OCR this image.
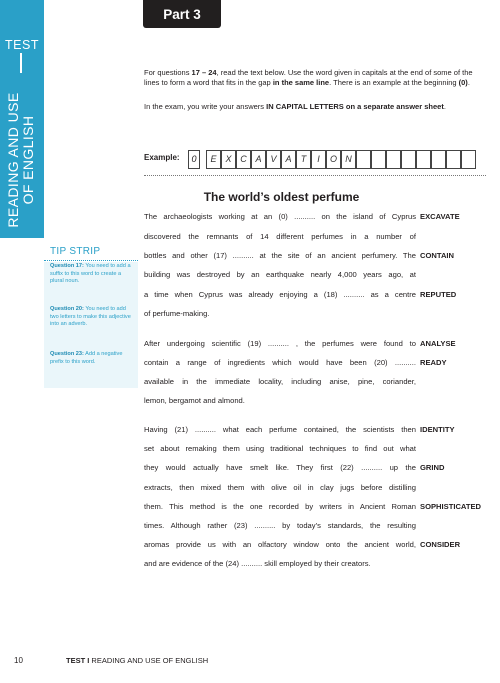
TEST
READING AND USE OF ENGLISH
Part 3
For questions 17 – 24, read the text below. Use the word given in capitals at the end of some of the lines to form a word that fits in the gap in the same line. There is an example at the beginning (0).
In the exam, you write your answers IN CAPITAL LETTERS on a separate answer sheet.
Example:	0	E X C A V A	T	I	O N
The world’s oldest perfume
The archaeologists working at an (0) .......... on the island of Cyprus
discovered the remnants of 14 different perfumes in a number of
bottles and other (17) .......... at the site of an ancient perfumery. The
building was destroyed by an earthquake nearly 4,000 years ago, at
a time when Cyprus was already enjoying a (18) .......... as a centre
of perfume-making.
After undergoing scientific (19) .......... , the perfumes were found to
contain a range of ingredients which would have been (20) ..........
available in the immediate locality, including anise, pine, coriander,
lemon, bergamot and almond.
Having (21) .......... what each perfume contained, the scientists then
set about remaking them using traditional techniques to find out what
they would actually have smelt like. They first (22) .......... up the
extracts, then mixed them with olive oil in clay jugs before distilling
them. This method is the one recorded by writers in Ancient Roman
times. Although rather (23) .......... by today’s standards, the resulting
aromas provide us with an olfactory window onto the ancient world,
and are evidence of the (24) .......... skill employed by their creators.
EXCAVATE
CONTAIN
REPUTED
ANALYSE
READY
IDENTITY
GRIND
SOPHISTICATED
CONSIDER
TIP STRIP
Question 17: You need to add a suffix to this word to create a plural noun.
Question 20: You need to add two letters to make this adjective into an adverb.
Question 23: Add a negative prefix to this word.
10	TEST I READING AND USE OF ENGLISH
